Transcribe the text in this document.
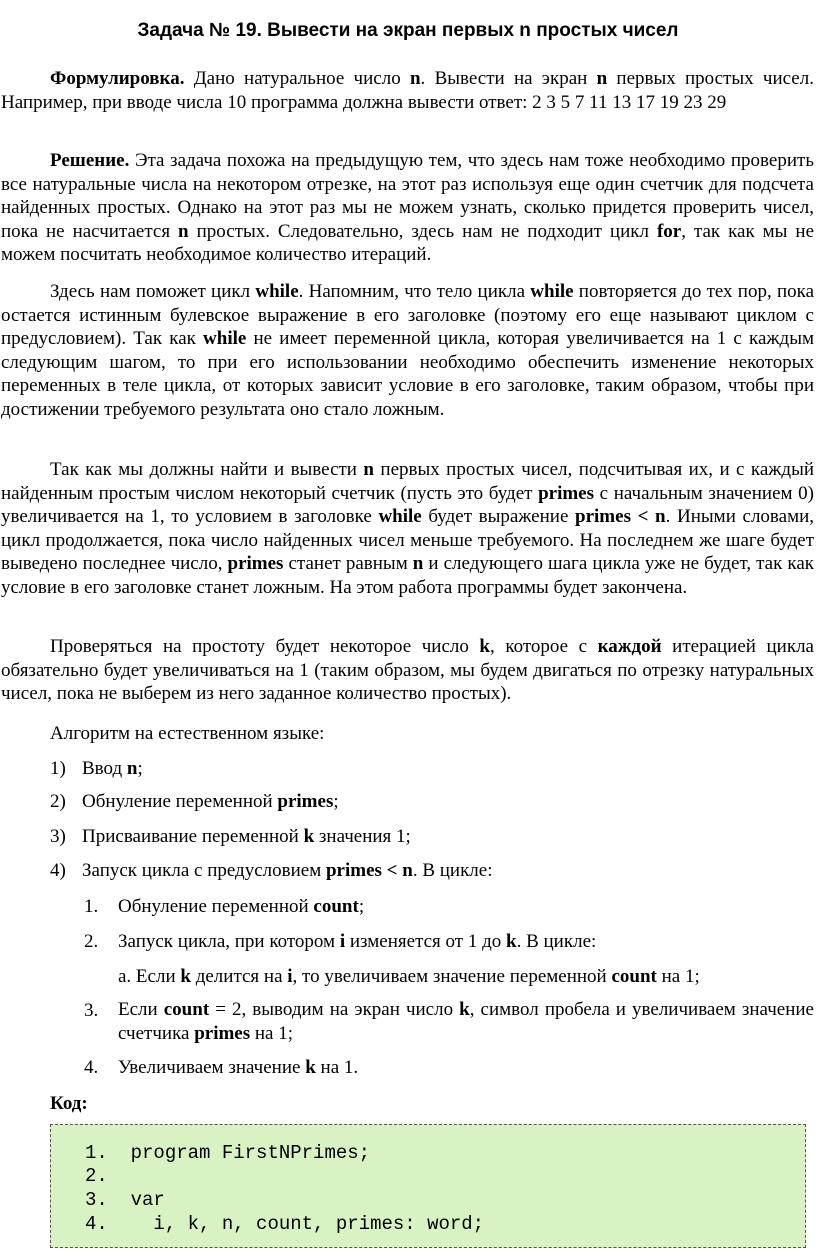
Задача № 19. Вывести на экран первых n простых чисел
Формулировка. Дано натуральное число n. Вывести на экран n первых простых чисел. Например, при вводе числа 10 программа должна вывести ответ: 2 3 5 7 11 13 17 19 23 29
Решение. Эта задача похожа на предыдущую тем, что здесь нам тоже необходимо проверить все натуральные числа на некотором отрезке, на этот раз используя еще один счетчик для подсчета найденных простых. Однако на этот раз мы не можем узнать, сколько придется проверить чисел, пока не насчитается n простых. Следовательно, здесь нам не подходит цикл for, так как мы не можем посчитать необходимое количество итераций.
Здесь нам поможет цикл while. Напомним, что тело цикла while повторяется до тех пор, пока остается истинным булевское выражение в его заголовке (поэтому его еще называют циклом с предусловием). Так как while не имеет переменной цикла, которая увеличивается на 1 с каждым следующим шагом, то при его использовании необходимо обеспечить изменение некоторых переменных в теле цикла, от которых зависит условие в его заголовке, таким образом, чтобы при достижении требуемого результата оно стало ложным.
Так как мы должны найти и вывести n первых простых чисел, подсчитывая их, и с каждый найденным простым числом некоторый счетчик (пусть это будет primes с начальным значением 0) увеличивается на 1, то условием в заголовке while будет выражение primes < n. Иными словами, цикл продолжается, пока число найденных чисел меньше требуемого. На последнем же шаге будет выведено последнее число, primes станет равным n и следующего шага цикла уже не будет, так как условие в его заголовке станет ложным. На этом работа программы будет закончена.
Проверяться на простоту будет некоторое число k, которое с каждой итерацией цикла обязательно будет увеличиваться на 1 (таким образом, мы будем двигаться по отрезку натуральных чисел, пока не выберем из него заданное количество простых).
Алгоритм на естественном языке:
1) Ввод n;
2) Обнуление переменной primes;
3) Присваивание переменной k значения 1;
4) Запуск цикла с предусловием primes < n. В цикле:
1. Обнуление переменной count;
2. Запуск цикла, при котором i изменяется от 1 до k. В цикле:
а. Если k делится на i, то увеличиваем значение переменной count на 1;
3. Если count = 2, выводим на экран число k, символ пробела и увеличиваем значение счетчика primes на 1;
4. Увеличиваем значение k на 1.
Код:
1. program FirstNPrimes;
2.
3. var
4.    i, k, n, count, primes: word;
